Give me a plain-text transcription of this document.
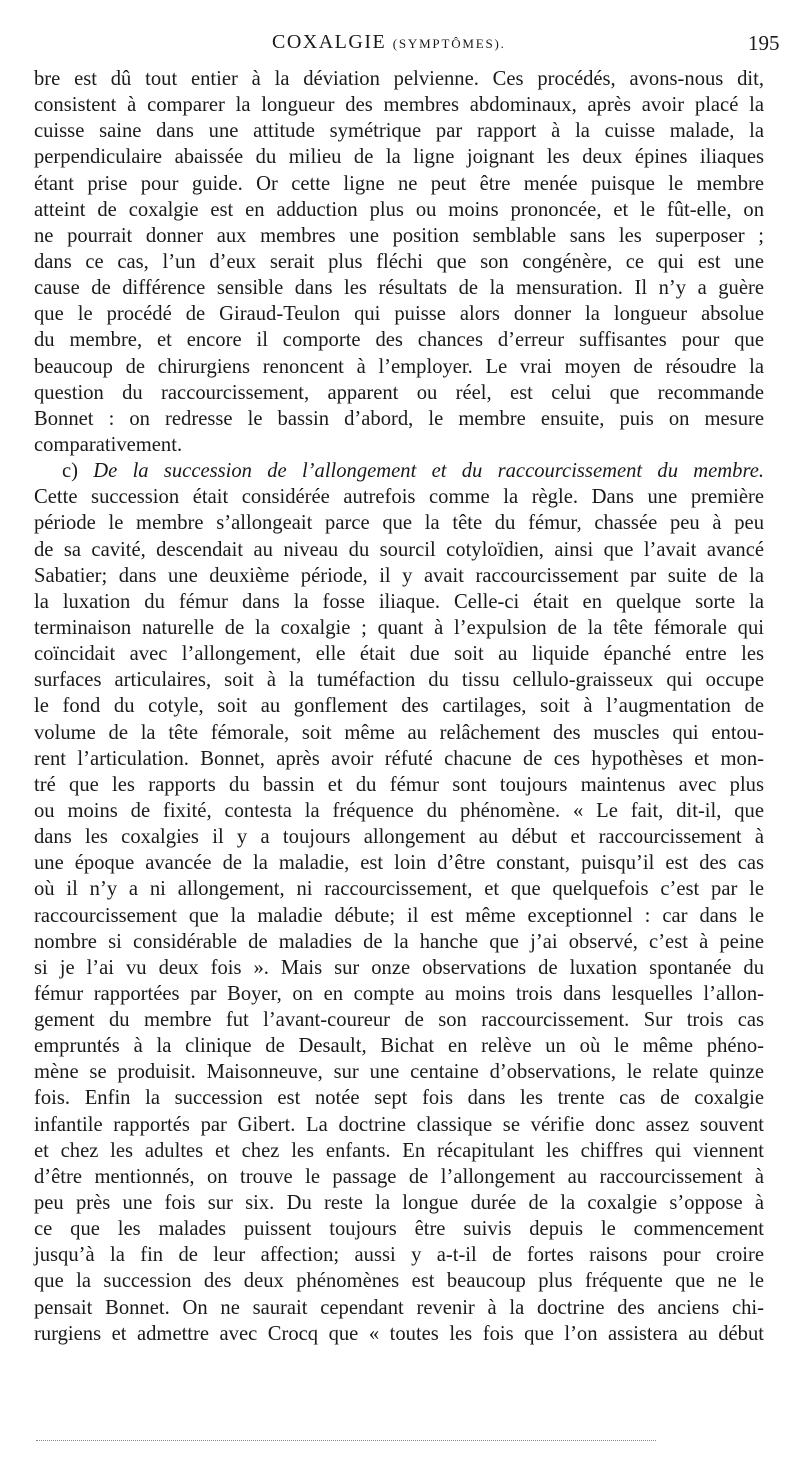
COXALGIE (SYMPTÔMES).	195
bre est dû tout entier à la déviation pelvienne. Ces procédés, avons-nous dit,
consistent à comparer la longueur des membres abdominaux, après avoir placé la
cuisse saine dans une attitude symétrique par rapport à la cuisse malade, la
perpendiculaire abaissée du milieu de la ligne joignant les deux épines iliaques
étant prise pour guide. Or cette ligne ne peut être menée puisque le membre
atteint de coxalgie est en adduction plus ou moins prononcée, et le fût-elle, on
ne pourrait donner aux membres une position semblable sans les superposer ;
dans ce cas, l’un d’eux serait plus fléchi que son congénère, ce qui est une
cause de différence sensible dans les résultats de la mensuration. Il n’y a guère
que le procédé de Giraud-Teulon qui puisse alors donner la longueur absolue
du membre, et encore il comporte des chances d’erreur suffisantes pour que
beaucoup de chirurgiens renoncent à l’employer. Le vrai moyen de résoudre la
question du raccourcissement, apparent ou réel, est celui que recommande
Bonnet : on redresse le bassin d’abord, le membre ensuite, puis on mesure
comparativement.
c) De la succession de l’allongement et du raccourcissement du membre.
Cette succession était considérée autrefois comme la règle. Dans une première
période le membre s’allongeait parce que la tête du fémur, chassée peu à peu
de sa cavité, descendait au niveau du sourcil cotyloïdien, ainsi que l’avait avancé
Sabatier; dans une deuxième période, il y avait raccourcissement par suite de la
la luxation du fémur dans la fosse iliaque. Celle-ci était en quelque sorte la
terminaison naturelle de la coxalgie ; quant à l’expulsion de la tête fémorale qui
coïncidait avec l’allongement, elle était due soit au liquide épanché entre les
surfaces articulaires, soit à la tuméfaction du tissu cellulo-graisseux qui occupe
le fond du cotyle, soit au gonflement des cartilages, soit à l’augmentation de
volume de la tête fémorale, soit même au relâchement des muscles qui entou-
rent l’articulation. Bonnet, après avoir réfuté chacune de ces hypothèses et mon-
tré que les rapports du bassin et du fémur sont toujours maintenus avec plus
ou moins de fixité, contesta la fréquence du phénomène. « Le fait, dit-il, que
dans les coxalgies il y a toujours allongement au début et raccourcissement à
une époque avancée de la maladie, est loin d’être constant, puisqu’il est des cas
où il n’y a ni allongement, ni raccourcissement, et que quelquefois c’est par le
raccourcissement que la maladie débute; il est même exceptionnel : car dans le
nombre si considérable de maladies de la hanche que j’ai observé, c’est à peine
si je l’ai vu deux fois ». Mais sur onze observations de luxation spontanée du
fémur rapportées par Boyer, on en compte au moins trois dans lesquelles l’allon-
gement du membre fut l’avant-coureur de son raccourcissement. Sur trois cas
empruntés à la clinique de Desault, Bichat en relève un où le même phéno-
mène se produisit. Maisonneuve, sur une centaine d’observations, le relate quinze
fois. Enfin la succession est notée sept fois dans les trente cas de coxalgie
infantile rapportés par Gibert. La doctrine classique se vérifie donc assez souvent
et chez les adultes et chez les enfants. En récapitulant les chiffres qui viennent
d’être mentionnés, on trouve le passage de l’allongement au raccourcissement à
peu près une fois sur six. Du reste la longue durée de la coxalgie s’oppose à
ce que les malades puissent toujours être suivis depuis le commencement
jusqu’à la fin de leur affection; aussi y a-t-il de fortes raisons pour croire
que la succession des deux phénomènes est beaucoup plus fréquente que ne le
pensait Bonnet. On ne saurait cependant revenir à la doctrine des anciens chi-
rurgiens et admettre avec Crocq que « toutes les fois que l’on assistera au début
